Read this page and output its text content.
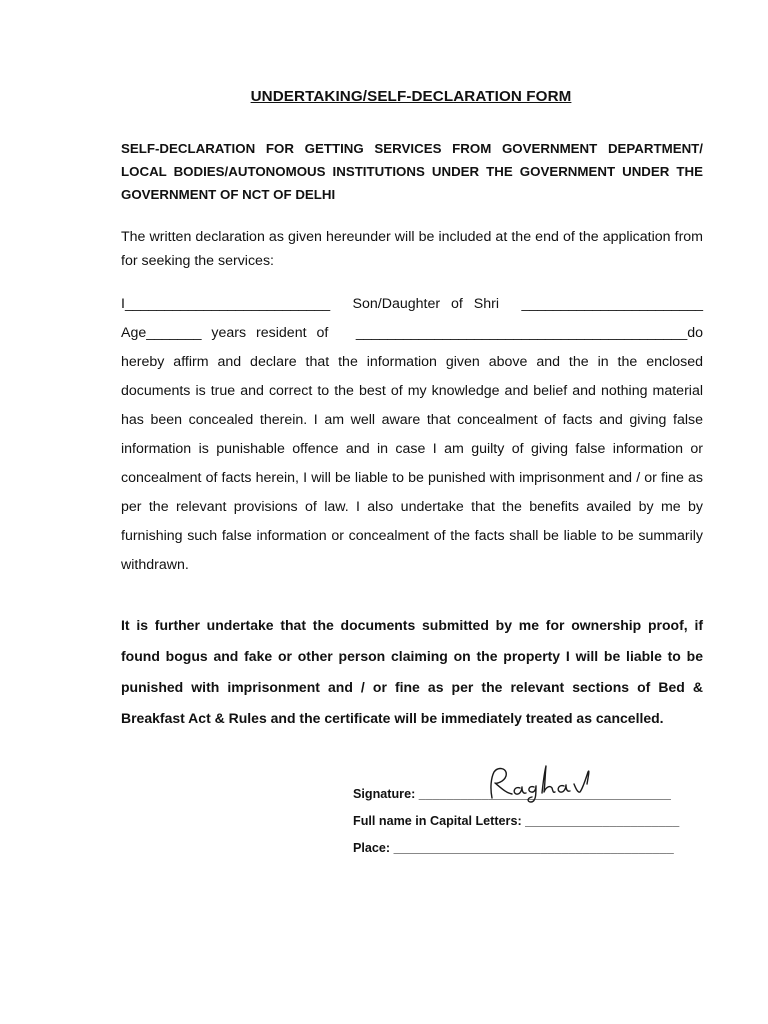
UNDERTAKING/SELF-DECLARATION FORM
SELF-DECLARATION FOR GETTING SERVICES FROM GOVERNMENT DEPARTMENT/ LOCAL BODIES/AUTONOMOUS INSTITUTIONS UNDER THE GOVERNMENT UNDER THE GOVERNMENT OF NCT OF DELHI
The written declaration as given hereunder will be included at the end of the application from for seeking the services:
I__________________________ Son/Daughter of Shri _______________________
Age_______ years resident of __________________________________________do
hereby affirm and declare that the information given above and the in the enclosed documents is true and correct to the best of my knowledge and belief and nothing material has been concealed therein. I am well aware that concealment of facts and giving false information is punishable offence and in case I am guilty of giving false information or concealment of facts herein, I will be liable to be punished with imprisonment and / or fine as per the relevant provisions of law. I also undertake that the benefits availed by me by furnishing such false information or concealment of the facts shall be liable to be summarily withdrawn.
It is further undertake that the documents submitted by me for ownership proof, if found bogus and fake or other person claiming on the property I will be liable to be punished with imprisonment and / or fine as per the relevant sections of Bed & Breakfast Act & Rules and the certificate will be immediately treated as cancelled.
Signature: ____________________________________
Full name in Capital Letters: ______________________
Place: ________________________________________
